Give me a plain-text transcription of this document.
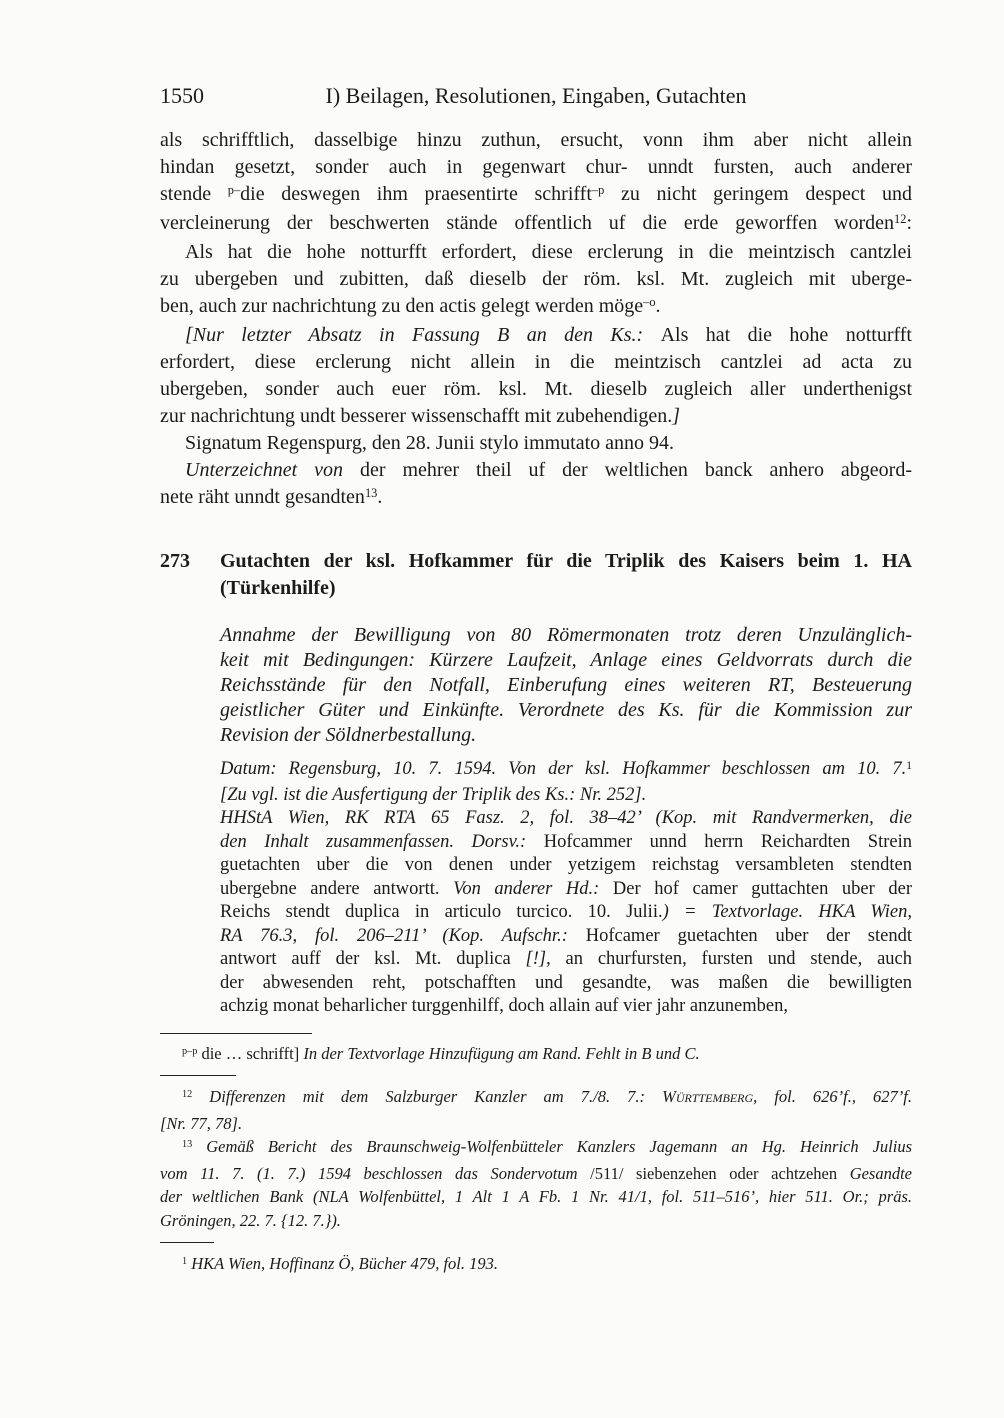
1550	I) Beilagen, Resolutionen, Eingaben, Gutachten
als schrifftlich, dasselbige hinzu zuthun, ersucht, vonn ihm aber nicht allein
hindan gesetzt, sonder auch in gegenwart chur- unndt fursten, auch anderer
stende $^{p-}$die deswegen ihm praesentirte schrifft$^{-p}$ zu nicht geringem despect und
vercleinerung der beschwerten stände offentlich uf die erde geworffen worden$^{12}$:
Als hat die hohe notturfft erfordert, diese erclerung in die meintzisch cantzlei
zu ubergeben und zubitten, daß dieselb der röm. ksl. Mt. zugleich mit uberge-
ben, auch zur nachrichtung zu den actis gelegt werden möge$^{-o}$.
[Nur letzter Absatz in Fassung B an den Ks.: Als hat die hohe notturfft
erfordert, diese erclerung nicht allein in die meintzisch cantzlei ad acta zu
ubergeben, sonder auch euer röm. ksl. Mt. dieselb zugleich aller underthenigst
zur nachrichtung undt besserer wissenschafft mit zubehendigen.]
Signatum Regenspurg, den 28. Junii stylo immutato anno 94.
Unterzeichnet von der mehrer theil uf der weltlichen banck anhero abgeord-
nete räht unndt gesandten$^{13}$.
273	Gutachten der ksl. Hofkammer für die Triplik des Kaisers beim 1. HA
(Türkenhilfe)
Annahme der Bewilligung von 80 Römermonaten trotz deren Unzulänglich-
keit mit Bedingungen: Kürzere Laufzeit, Anlage eines Geldvorrats durch die
Reichsstände für den Notfall, Einberufung eines weiteren RT, Besteuerung
geistlicher Güter und Einkünfte. Verordnete des Ks. für die Kommission zur
Revision der Söldnerbestallung.
Datum: Regensburg, 10. 7. 1594. Von der ksl. Hofkammer beschlossen am 10. 7.$^1$
[Zu vgl. ist die Ausfertigung der Triplik des Ks.: Nr. 252].
HHStA Wien, RK RTA 65 Fasz. 2, fol. 38–42’ (Kop. mit Randvermerken, die
den Inhalt zusammenfassen. Dorsv.: Hofcammer unnd herrn Reichardten Strein
guetachten uber die von denen under yetzigem reichstag versambleten stendten
ubergebne andere antwortt. Von anderer Hd.: Der hof camer guttachten uber der
Reichs stendt duplica in articulo turcico. 10. Julii.) = Textvorlage. HKA Wien,
RA 76.3, fol. 206–211’ (Kop. Aufschr.: Hofcamer guetachten uber der stendt
antwort auff der ksl. Mt. duplica [!], an churfursten, fursten und stende, auch
der abwesenden reht, potschafften und gesandte, was maßen die bewilligten
achzig monat beharlicher turggenhilff, doch allain auf vier jahr anzunemben,
$^{p-p}$ die … schrifft] In der Textvorlage Hinzufügung am Rand. Fehlt in B und C.
$^{12}$ Differenzen mit dem Salzburger Kanzler am 7./8. 7.: Württemberg, fol. 626’f., 627’f.
[Nr. 77, 78].
$^{13}$ Gemäß Bericht des Braunschweig-Wolfenbütteler Kanzlers Jagemann an Hg. Heinrich Julius
vom 11. 7. (1. 7.) 1594 beschlossen das Sondervotum /511/ siebenzehen oder achtzehen Gesandte
der weltlichen Bank (NLA Wolfenbüttel, 1 Alt 1 A Fb. 1 Nr. 41/1, fol. 511–516’, hier 511. Or.; präs.
Gröningen, 22. 7. {12. 7.}).
$^1$ HKA Wien, Hoffinanz Ö, Bücher 479, fol. 193.
